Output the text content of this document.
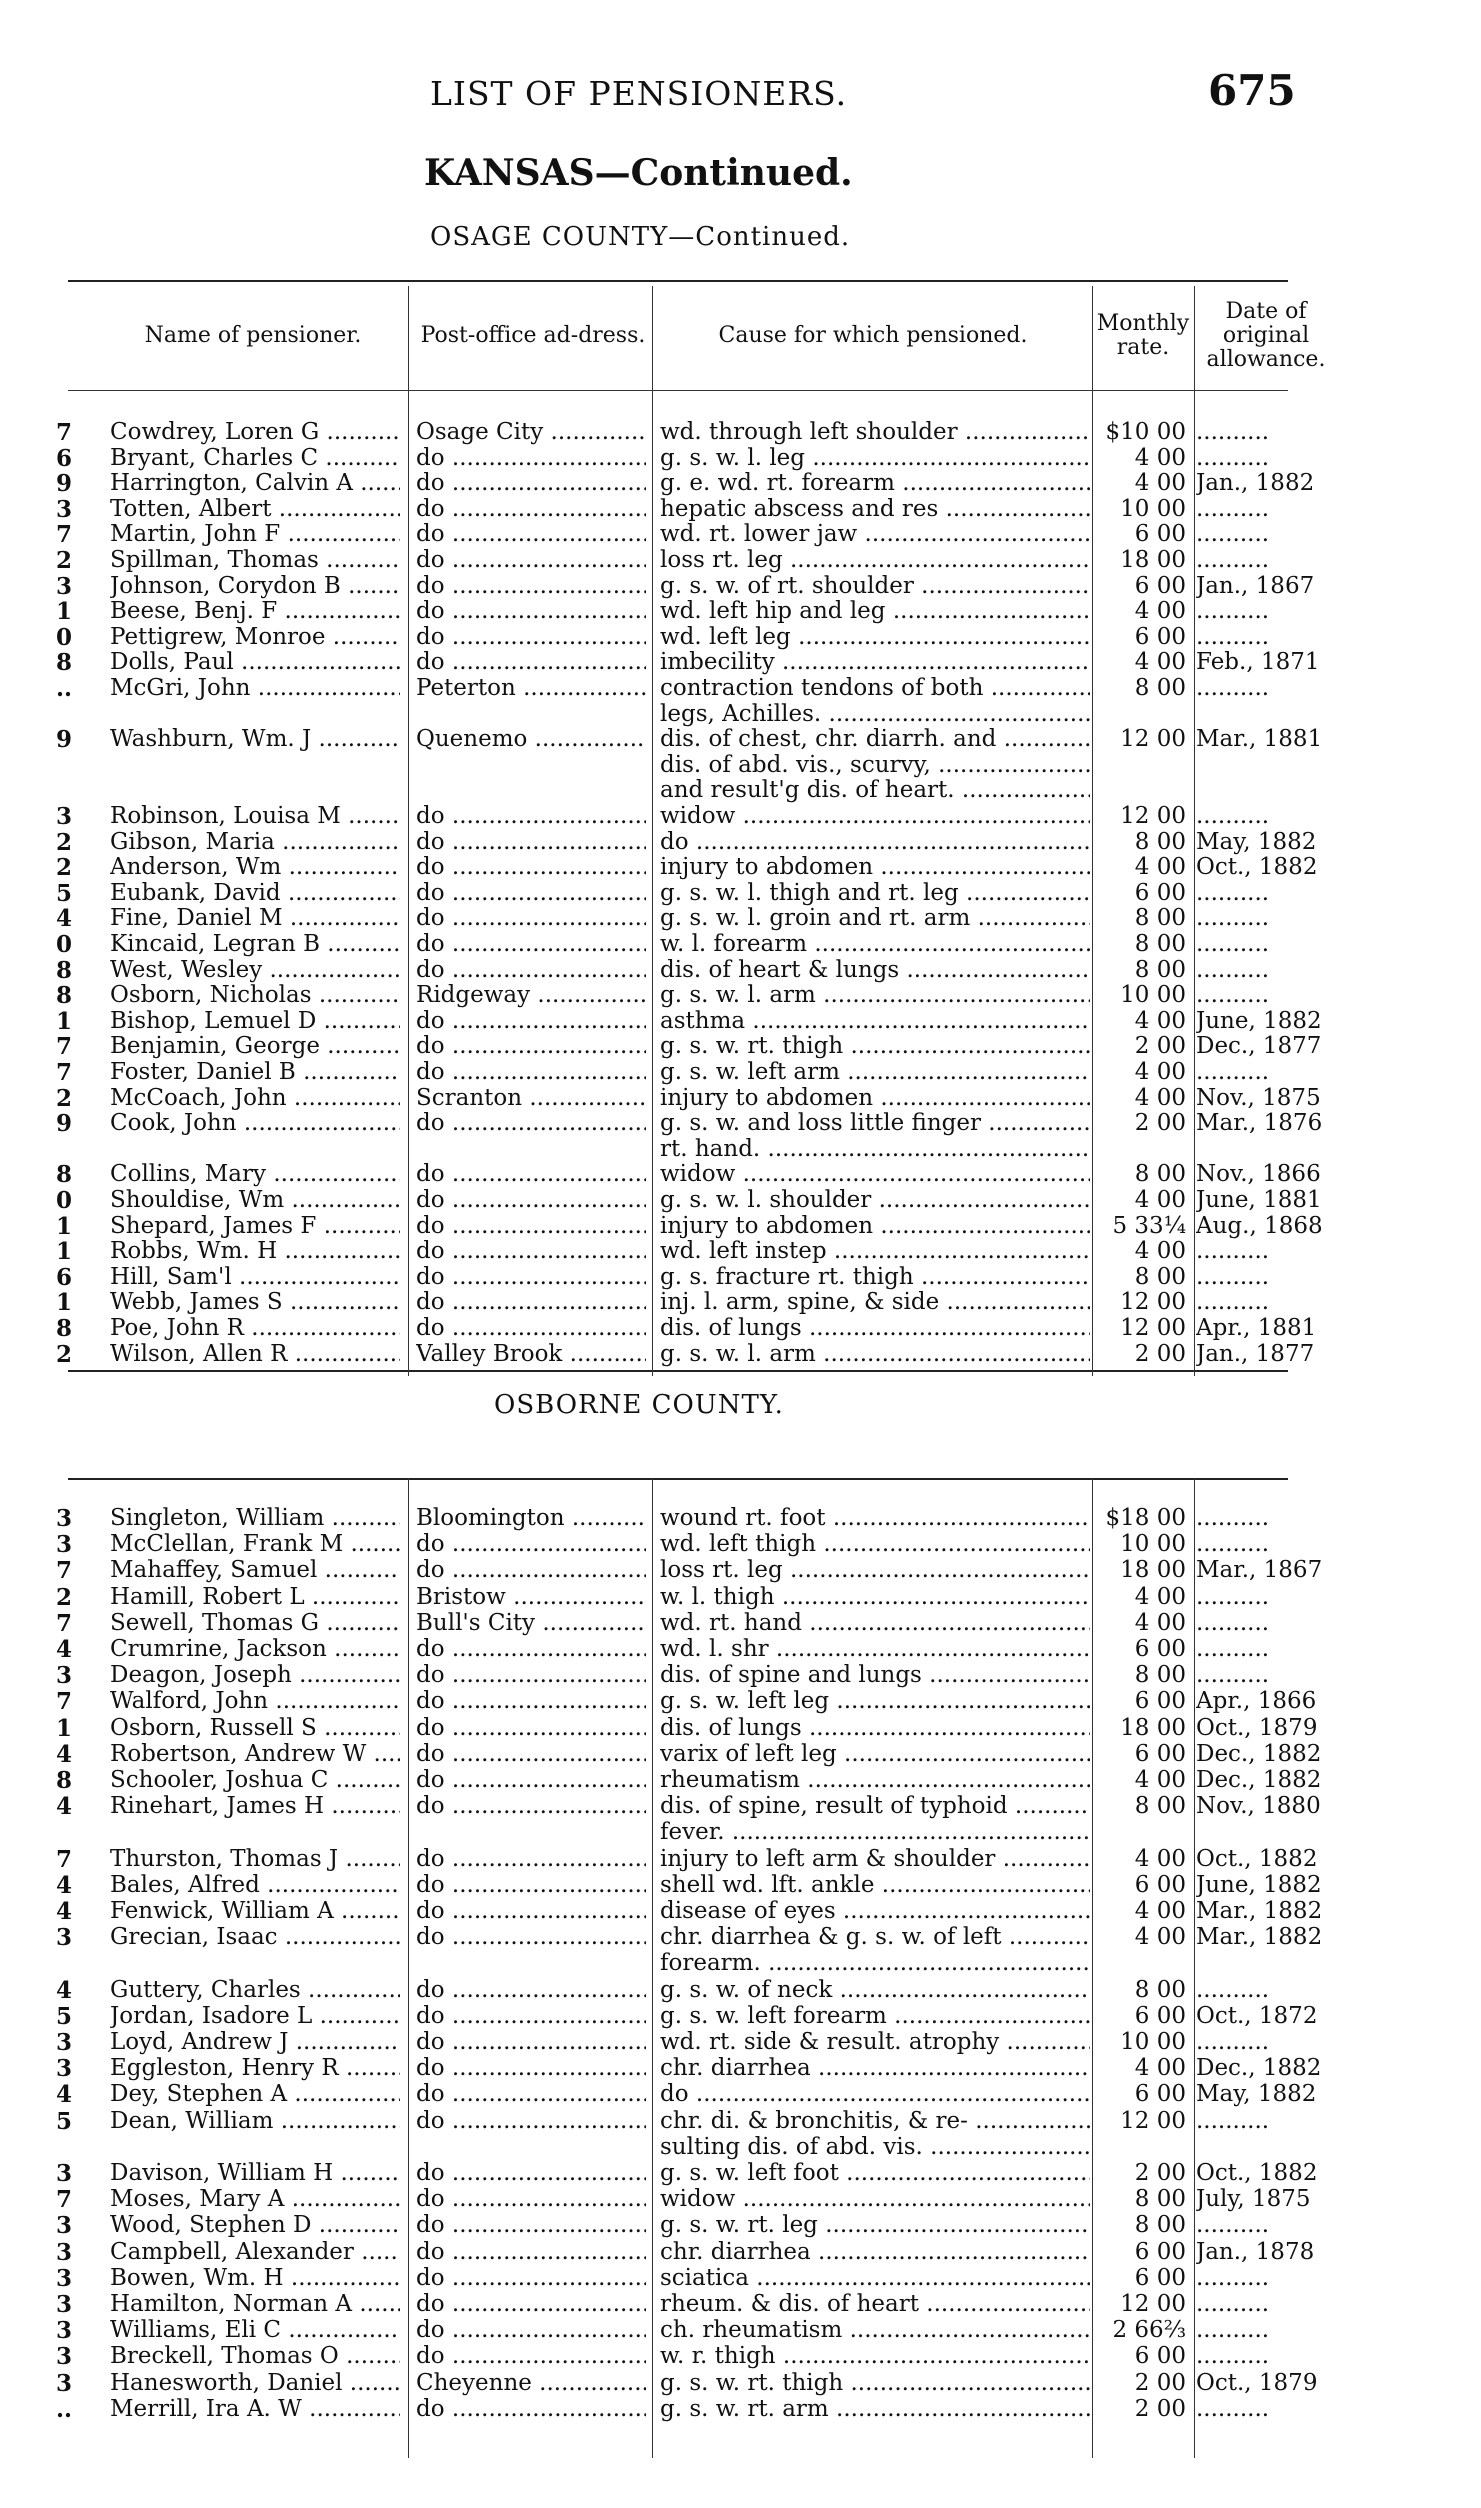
LIST OF PENSIONERS.	675
KANSAS—Continued.
OSAGE COUNTY—Continued.
Name of pensioner.	Post-office ad-dress.	Cause for which pensioned.	Monthly rate.
Date of original allowance.
7 Cowdrey, Loren G .....	Osage City .....	wd. through left shoulder .....	$10 00 ..........
6 Bryant, Charles C .....	do .....	g. s. w. l. leg .....	4 00 ..........
9 Harrington, Calvin A .....	do .....	g. e. wd. rt. forearm .....	4 00 Jan., 1882
3 Totten, Albert .....	do .....	hepatic abscess and res .....	10 00 ..........
7 Martin, John F .....	do .....	wd. rt. lower jaw .....	6 00 ..........
2 Spillman, Thomas .....	do .....	loss rt. leg .....	18 00 ..........
3 Johnson, Corydon B .....	do .....	g. s. w. of rt. shoulder .....	6 00 Jan., 1867
1 Beese, Benj. F .....	do .....	wd. left hip and leg .....	4 00 ..........
0 Pettigrew, Monroe .....	do .....	wd. left leg .....	6 00 ..........
8 Dolls, Paul .....	do .....	imbecility .....	4 00 Feb., 1871
.. McGri, John .....	Peterton .....	contraction tendons of both .....	8 00 ..........
legs, Achilles. .....
9 Washburn, Wm. J .....	Quenemo .....	dis. of chest, chr. diarrh. and .....	12 00 Mar., 1881
dis. of abd. vis., scurvy, .....
and result'g dis. of heart. .....
3 Robinson, Louisa M .....	do .....	widow .....	12 00 ..........
2 Gibson, Maria .....	do .....	do .....	8 00 May, 1882
2 Anderson, Wm .....	do .....	injury to abdomen .....	4 00 Oct., 1882
5 Eubank, David .....	do .....	g. s. w. l. thigh and rt. leg .....	6 00 ..........
4 Fine, Daniel M .....	do .....	g. s. w. l. groin and rt. arm .....	8 00 ..........
0 Kincaid, Legran B .....	do .....	w. l. forearm .....	8 00 ..........
8 West, Wesley .....	do .....	dis. of heart & lungs .....	8 00 ..........
8 Osborn, Nicholas .....	Ridgeway .....	g. s. w. l. arm .....	10 00 ..........
1 Bishop, Lemuel D .....	do .....	asthma .....	4 00 June, 1882
7 Benjamin, George .....	do .....	g. s. w. rt. thigh .....	2 00 Dec., 1877
7 Foster, Daniel B .....	do .....	g. s. w. left arm .....	4 00 ..........
2 McCoach, John .....	Scranton .....	injury to abdomen .....	4 00 Nov., 1875
9 Cook, John .....	do .....	g. s. w. and loss little finger .....	2 00 Mar., 1876
rt. hand. .....
8 Collins, Mary .....	do .....	widow .....	8 00 Nov., 1866
0 Shouldise, Wm .....	do .....	g. s. w. l. shoulder .....	4 00 June, 1881
1 Shepard, James F .....	do .....	injury to abdomen .....	5 33¼ Aug., 1868
1 Robbs, Wm. H .....	do .....	wd. left instep .....	4 00 ..........
6 Hill, Sam'l .....	do .....	g. s. fracture rt. thigh .....	8 00 ..........
1 Webb, James S .....	do .....	inj. l. arm, spine, & side .....	12 00 ..........
8 Poe, John R .....	do .....	dis. of lungs .....	12 00 Apr., 1881
2 Wilson, Allen R .....	Valley Brook .....	g. s. w. l. arm .....	2 00 Jan., 1877
OSBORNE COUNTY.
3 Singleton, William .....	Bloomington .....	wound rt. foot .....	$18 00 ..........
3 McClellan, Frank M .....	do .....	wd. left thigh .....	10 00 ..........
7 Mahaffey, Samuel .....	do .....	loss rt. leg .....	18 00 Mar., 1867
2 Hamill, Robert L .....	Bristow .....	w. l. thigh .....	4 00 ..........
7 Sewell, Thomas G .....	Bull's City .....	wd. rt. hand .....	4 00 ..........
4 Crumrine, Jackson .....	do .....	wd. l. shr .....	6 00 ..........
3 Deagon, Joseph .....	do .....	dis. of spine and lungs .....	8 00 ..........
7 Walford, John .....	do .....	g. s. w. left leg .....	6 00 Apr., 1866
1 Osborn, Russell S .....	do .....	dis. of lungs .....	18 00 Oct., 1879
4 Robertson, Andrew W .....	do .....	varix of left leg .....	6 00 Dec., 1882
8 Schooler, Joshua C .....	do .....	rheumatism .....	4 00 Dec., 1882
4 Rinehart, James H .....	do .....	dis. of spine, result of typhoid .....	8 00 Nov., 1880
fever. .....
7 Thurston, Thomas J .....	do .....	injury to left arm & shoulder .....	4 00 Oct., 1882
4 Bales, Alfred .....	do .....	shell wd. lft. ankle .....	6 00 June, 1882
4 Fenwick, William A .....	do .....	disease of eyes .....	4 00 Mar., 1882
3 Grecian, Isaac .....	do .....	chr. diarrhea & g. s. w. of left .....	4 00 Mar., 1882
forearm. .....
4 Guttery, Charles .....	do .....	g. s. w. of neck .....	8 00 ..........
5 Jordan, Isadore L .....	do .....	g. s. w. left forearm .....	6 00 Oct., 1872
3 Loyd, Andrew J .....	do .....	wd. rt. side & result. atrophy .....	10 00 ..........
3 Eggleston, Henry R .....	do .....	chr. diarrhea .....	4 00 Dec., 1882
4 Dey, Stephen A .....	do .....	do .....	6 00 May, 1882
5 Dean, William .....	do .....	chr. di. & bronchitis, & re- .....	12 00 ..........
sulting dis. of abd. vis. .....
3 Davison, William H .....	do .....	g. s. w. left foot .....	2 00 Oct., 1882
7 Moses, Mary A .....	do .....	widow .....	8 00 July, 1875
3 Wood, Stephen D .....	do .....	g. s. w. rt. leg .....	8 00 ..........
3 Campbell, Alexander .....	do .....	chr. diarrhea .....	6 00 Jan., 1878
3 Bowen, Wm. H .....	do .....	sciatica .....	6 00 ..........
3 Hamilton, Norman A .....	do .....	rheum. & dis. of heart .....	12 00 ..........
3 Williams, Eli C .....	do .....	ch. rheumatism .....	2 66⅔ ..........
3 Breckell, Thomas O .....	do .....	w. r. thigh .....	6 00 ..........
3 Hanesworth, Daniel .....	Cheyenne .....	g. s. w. rt. thigh .....	2 00 Oct., 1879
.. Merrill, Ira A. W .....	do .....	g. s. w. rt. arm .....	2 00 ..........
